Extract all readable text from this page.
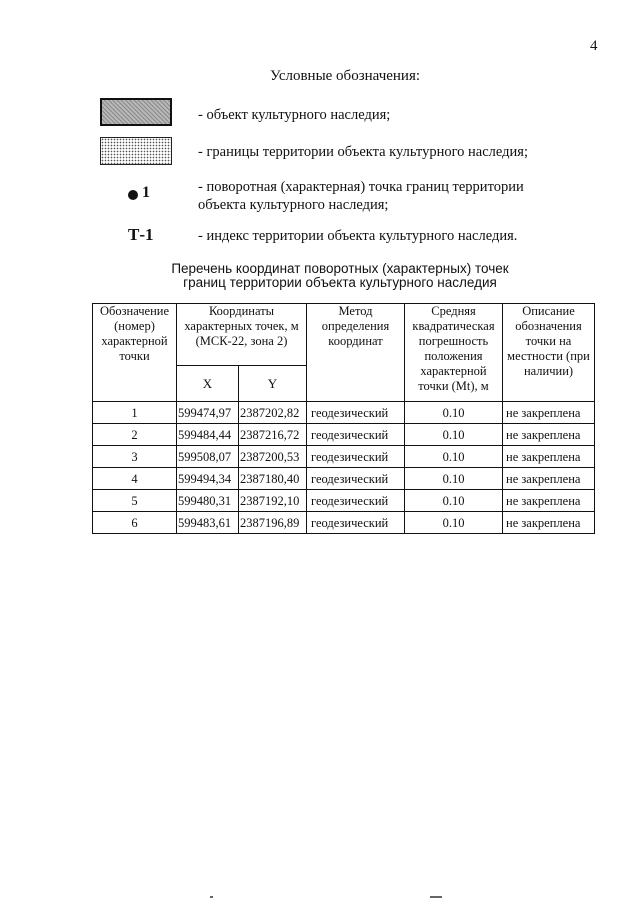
4
Условные обозначения:
- объект культурного наследия;
- границы территории объекта культурного наследия;
1	- поворотная (характерная) точка границ территории
объекта культурного наследия;
Т-1	- индекс территории объекта культурного наследия.
Перечень координат поворотных (характерных) точек
границ территории объекта культурного наследия
Обозначение (номер) характерной точки	Координаты характерных точек, м (МСК-22, зона 2)		Метод определения координат	Средняя квадратическая погрешность положения характерной точки (Mt), м	Описание обозначения точки на местности (при наличии)
	X	Y			
1	599474,97	2387202,82	геодезический	0.10	не закреплена
2	599484,44	2387216,72	геодезический	0.10	не закреплена
3	599508,07	2387200,53	геодезический	0.10	не закреплена
4	599494,34	2387180,40	геодезический	0.10	не закреплена
5	599480,31	2387192,10	геодезический	0.10	не закреплена
6	599483,61	2387196,89	геодезический	0.10	не закреплена
